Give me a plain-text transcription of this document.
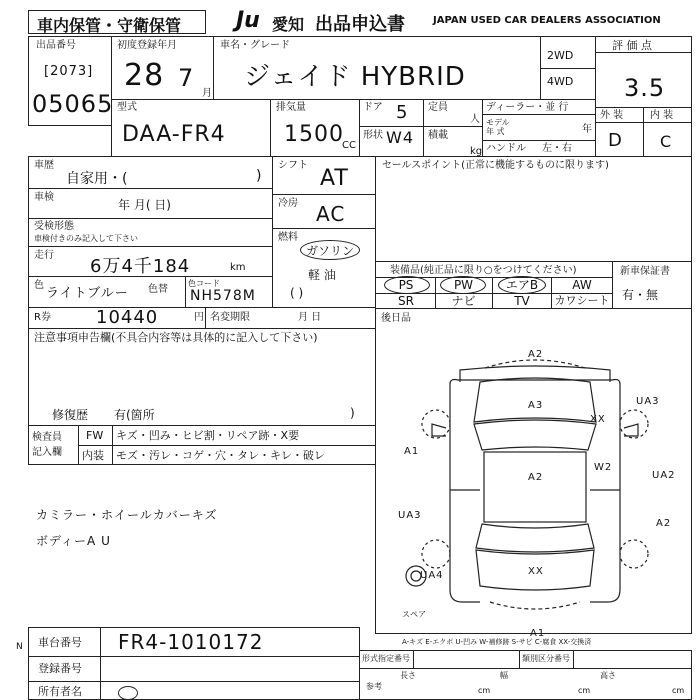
車内保管・守衛保管 Ju 愛知 出品申込書	JAPAN USED CAR DEALERS ASSOCIATION
出品番号
[2073]
05065
初度登録年月
28 7
月
車名・グレード
ジェイド HYBRID
2WD
4WD
評 価 点
3.5
型式
DAA-FR4
排気量
1500
CC
ドア 5
形状 W4
定員
人
積載
kg
ディーラー・並 行
モデル
年 式	年
ハンドル 左・右
外 装	内 装
D C
車歴
自家用・(	)
車検
年 月( 日)
受検形態
車検付きのみ記入して下さい
走行
6万4千184	km
色
ライトブルー 色替
色コード
NH578M
シフト
AT
冷房 AC
燃料
ガソリン
軽 油
( )
セールスポイント(正常に機能するものに限ります)
装備品(純正品に限り○をつけてください)
PS	PW	エアB	AW
SR	ナビ	TV	カワシート
新車保証書
有・無
R券	10440	円 名変期限	月 日	後日品
注意事項申告欄(不具合内容等は具体的に記入して下さい)
修復歴 有(箇所	)
検査員
記入欄
FW キズ・凹み・ヒビ割・リペア跡・X要
内装 モズ・汚レ・コゲ・穴・タレ・キレ・破レ
カミラー・ホイールカバーキズ
ボディーA U
A2
A3
XX
UA3
A1
A2
W2
UA2
UA3
A2
UA4	XX
A1
スペア
A-キズ E-エクボ U-凹み W-補修跡 S-サビ C-腐食 XX-交換済
N 車台番号 FR4-1010172
登録番号
所有者名
形式指定番号	類別区分番号
参考
長さ	幅	高さ
cm	cm	cm
